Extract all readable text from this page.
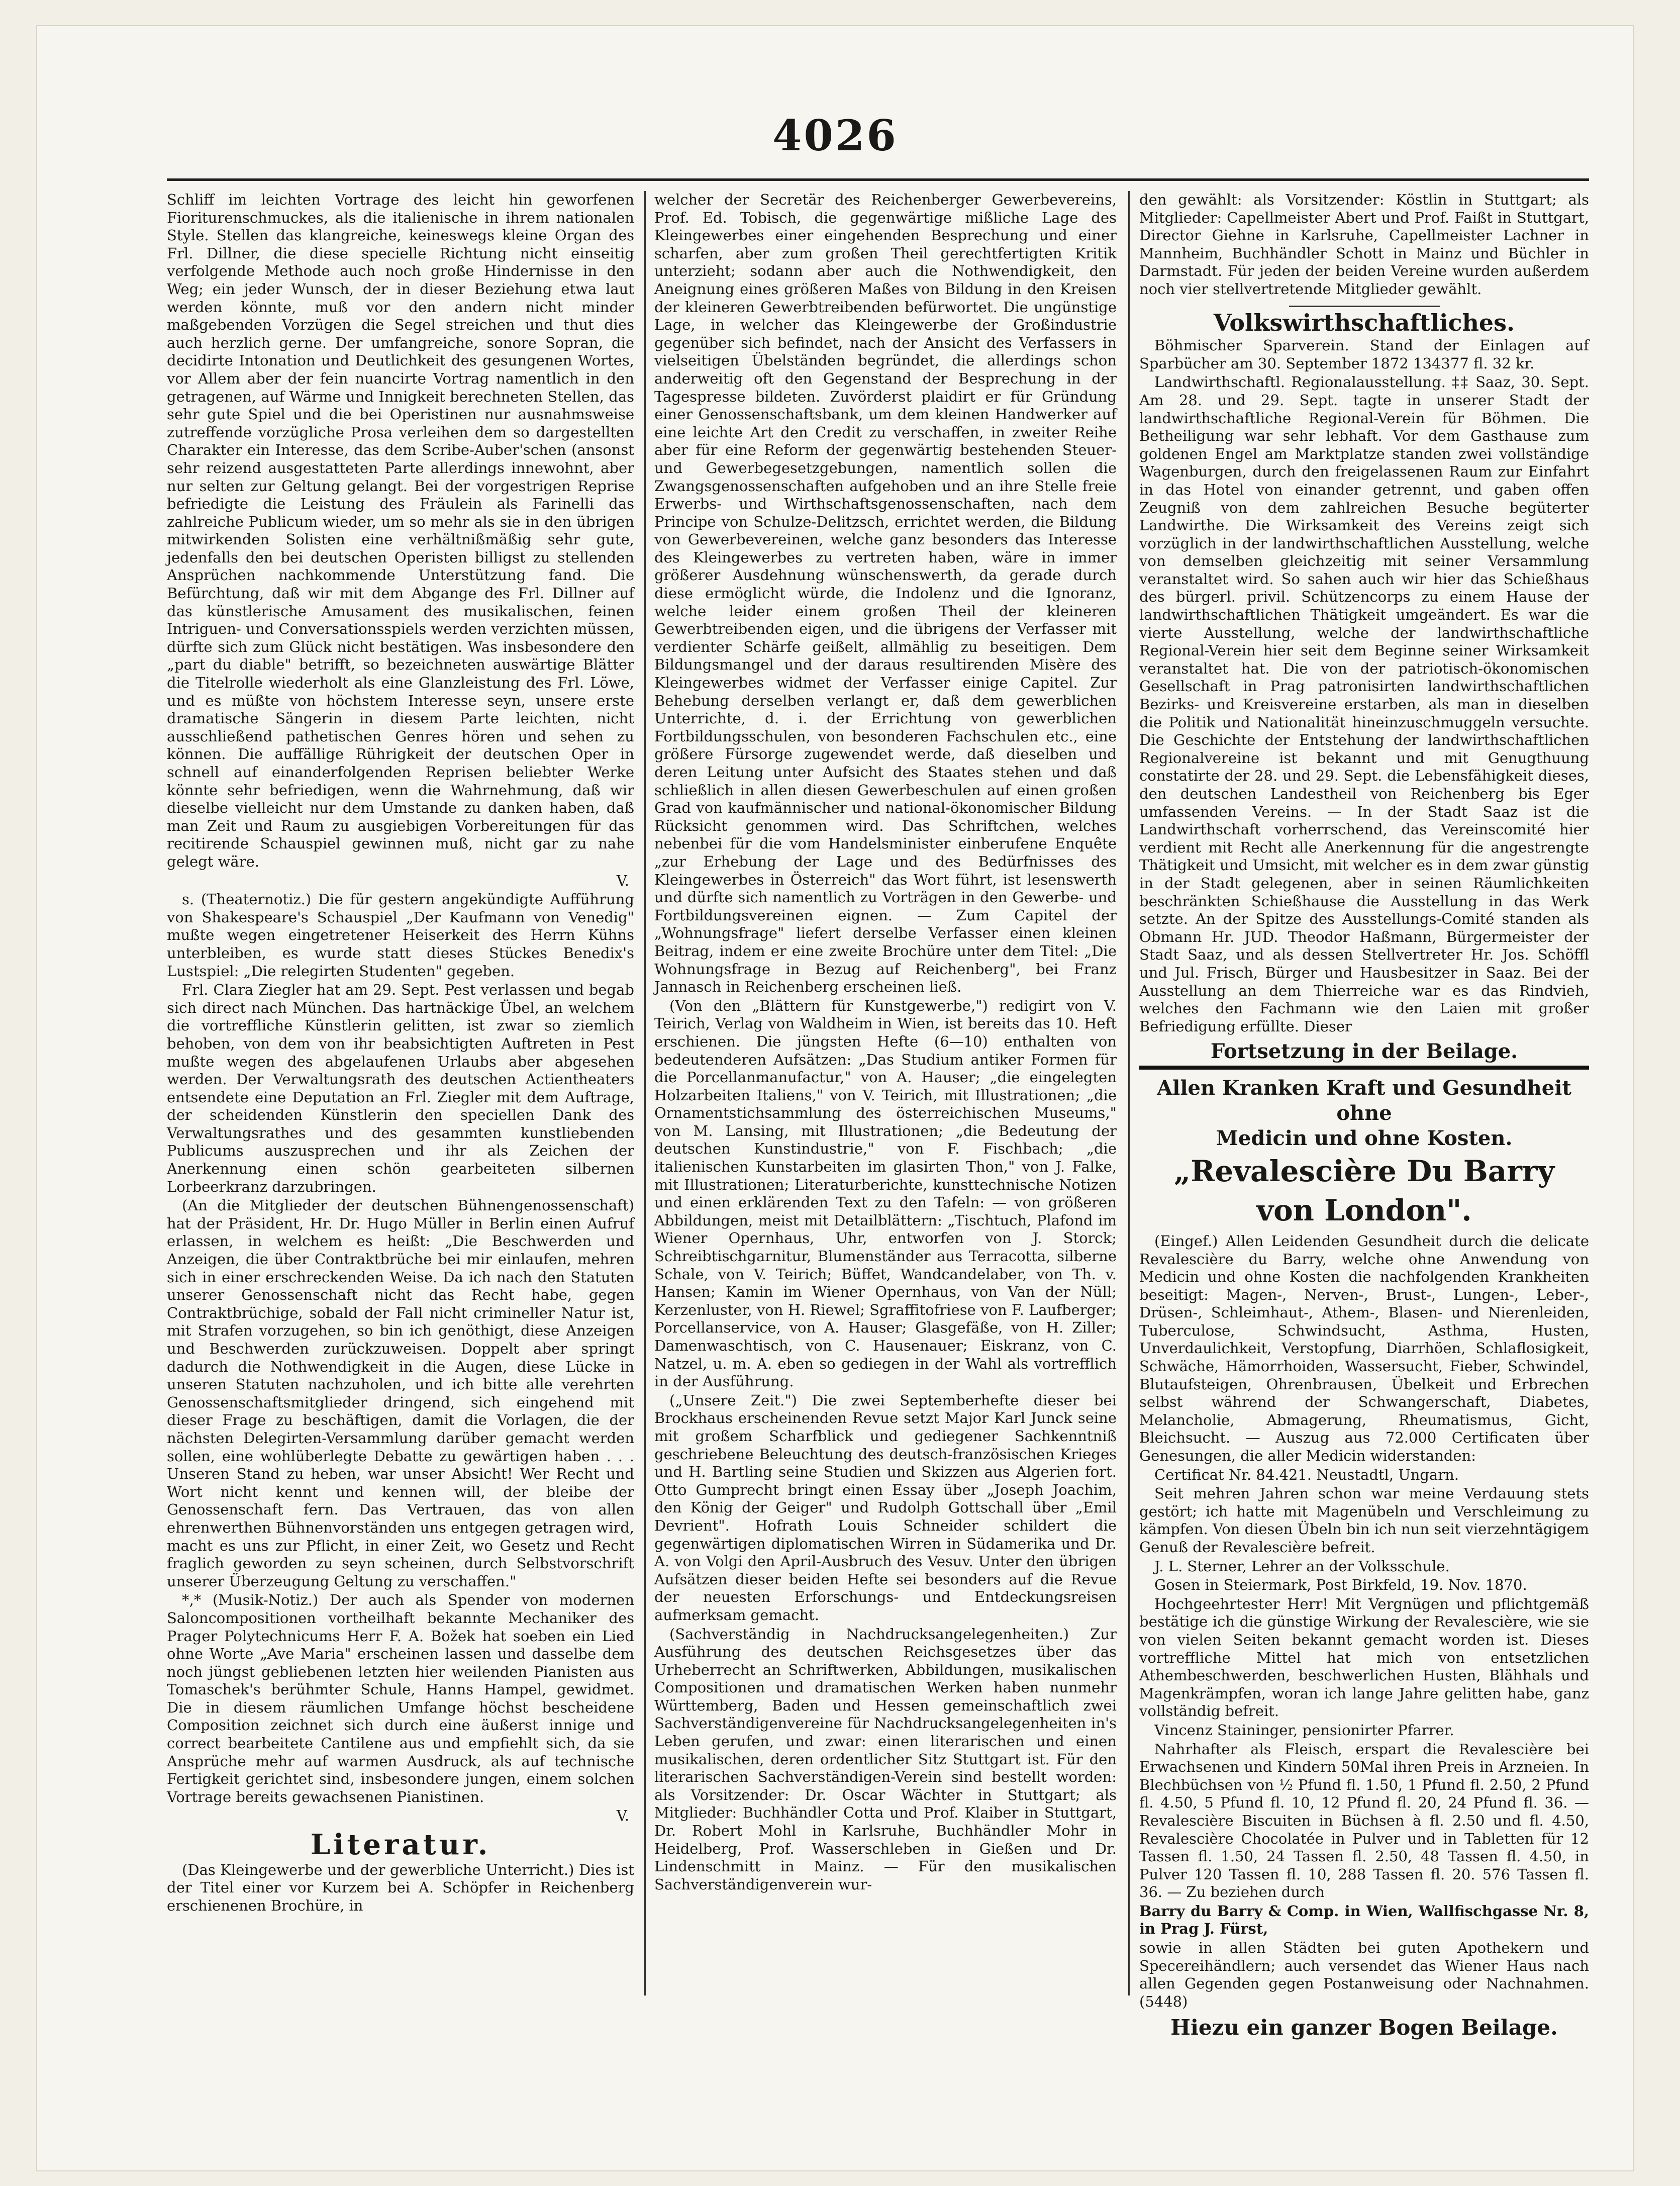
4026

Schliff im leichten Vortrage des leicht hin geworfenen Fioriturenschmuckes, als die italienische in ihrem nationalen Style. Stellen das klangreiche, keineswegs kleine Organ des Frl. Dillner, die diese specielle Richtung nicht einseitig verfolgende Methode auch noch große Hindernisse in den Weg; ein jeder Wunsch, der in dieser Beziehung etwa laut werden könnte, muß vor den andern nicht minder maßgebenden Vorzügen die Segel streichen und thut dies auch herzlich gerne. Der umfangreiche, sonore Sopran, die decidirte Intonation und Deutlichkeit des gesungenen Wortes, vor Allem aber der fein nuancirte Vortrag namentlich in den getragenen, auf Wärme und Innigkeit berechneten Stellen, das sehr gute Spiel und die bei Operistinen nur ausnahmsweise zutreffende vorzügliche Prosa verleihen dem so dargestellten Charakter ein Interesse, das dem Scribe-Auber'schen (ansonst sehr reizend ausgestatteten Parte allerdings innewohnt, aber nur selten zur Geltung gelangt. Bei der vorgestrigen Reprise befriedigte die Leistung des Fräulein als Farinelli das zahlreiche Publicum wieder, um so mehr als sie in den übrigen mitwirkenden Solisten eine verhältnißmäßig sehr gute, jedenfalls den bei deutschen Operisten billigst zu stellenden Ansprüchen nachkommende Unterstützung fand. Die Befürchtung, daß wir mit dem Abgange des Frl. Dillner auf das künstlerische Amusament des musikalischen, feinen Intriguen- und Conversationsspiels werden verzichten müssen, dürfte sich zum Glück nicht bestätigen. Was insbesondere den „part du diable" betrifft, so bezeichneten auswärtige Blätter die Titelrolle wiederholt als eine Glanzleistung des Frl. Löwe, und es müßte von höchstem Interesse seyn, unsere erste dramatische Sängerin in diesem Parte leichten, nicht ausschließend pathetischen Genres hören und sehen zu können. Die auffällige Rührigkeit der deutschen Oper in schnell auf einanderfolgenden Reprisen beliebter Werke könnte sehr befriedigen, wenn die Wahrnehmung, daß wir dieselbe vielleicht nur dem Umstande zu danken haben, daß man Zeit und Raum zu ausgiebigen Vorbereitungen für das recitirende Schauspiel gewinnen muß, nicht gar zu nahe gelegt wäre.

V.

s. (Theaternotiz.) Die für gestern angekündigte Aufführung von Shakespeare's Schauspiel „Der Kaufmann von Venedig" mußte wegen eingetretener Heiserkeit des Herrn Kühns unterbleiben, es wurde statt dieses Stückes Benedix's Lustspiel: „Die relegirten Studenten" gegeben.

Frl. Clara Ziegler hat am 29. Sept. Pest verlassen und begab sich direct nach München. Das hartnäckige Übel, an welchem die vortreffliche Künstlerin gelitten, ist zwar so ziemlich behoben, von dem von ihr beabsichtigten Auftreten in Pest mußte wegen des abgelaufenen Urlaubs aber abgesehen werden. Der Verwaltungsrath des deutschen Actientheaters entsendete eine Deputation an Frl. Ziegler mit dem Auftrage, der scheidenden Künstlerin den speciellen Dank des Verwaltungsrathes und des gesammten kunstliebenden Publicums auszusprechen und ihr als Zeichen der Anerkennung einen schön gearbeiteten silbernen Lorbeerkranz darzubringen.

(An die Mitglieder der deutschen Bühnengenossenschaft) hat der Präsident, Hr. Dr. Hugo Müller in Berlin einen Aufruf erlassen, in welchem es heißt: „Die Beschwerden und Anzeigen, die über Contraktbrüche bei mir einlaufen, mehren sich in einer erschreckenden Weise. Da ich nach den Statuten unserer Genossenschaft nicht das Recht habe, gegen Contraktbrüchige, sobald der Fall nicht crimineller Natur ist, mit Strafen vorzugehen, so bin ich genöthigt, diese Anzeigen und Beschwerden zurückzuweisen. Doppelt aber springt dadurch die Nothwendigkeit in die Augen, diese Lücke in unseren Statuten nachzuholen, und ich bitte alle verehrten Genossenschaftsmitglieder dringend, sich eingehend mit dieser Frage zu beschäftigen, damit die Vorlagen, die der nächsten Delegirten-Versammlung darüber gemacht werden sollen, eine wohlüberlegte Debatte zu gewärtigen haben . . . Unseren Stand zu heben, war unser Absicht! Wer Recht und Wort nicht kennt und kennen will, der bleibe der Genossenschaft fern. Das Vertrauen, das von allen ehrenwerthen Bühnenvorständen uns entgegen getragen wird, macht es uns zur Pflicht, in einer Zeit, wo Gesetz und Recht fraglich geworden zu seyn scheinen, durch Selbstvorschrift unserer Überzeugung Geltung zu verschaffen."

*,* (Musik-Notiz.) Der auch als Spender von modernen Saloncompositionen vortheilhaft bekannte Mechaniker des Prager Polytechnicums Herr F. A. Božek hat soeben ein Lied ohne Worte „Ave Maria" erscheinen lassen und dasselbe dem noch jüngst gebliebenen letzten hier weilenden Pianisten aus Tomaschek's berühmter Schule, Hanns Hampel, gewidmet. Die in diesem räumlichen Umfange höchst bescheidene Composition zeichnet sich durch eine äußerst innige und correct bearbeitete Cantilene aus und empfiehlt sich, da sie Ansprüche mehr auf warmen Ausdruck, als auf technische Fertigkeit gerichtet sind, insbesondere jungen, einem solchen Vortrage bereits gewachsenen Pianistinen.

V.

Literatur.

(Das Kleingewerbe und der gewerbliche Unterricht.) Dies ist der Titel einer vor Kurzem bei A. Schöpfer in Reichenberg erschienenen Brochüre, in

welcher der Secretär des Reichenberger Gewerbevereins, Prof. Ed. Tobisch, die gegenwärtige mißliche Lage des Kleingewerbes einer eingehenden Besprechung und einer scharfen, aber zum großen Theil gerechtfertigten Kritik unterzieht; sodann aber auch die Nothwendigkeit, den Aneignung eines größeren Maßes von Bildung in den Kreisen der kleineren Gewerbtreibenden befürwortet. Die ungünstige Lage, in welcher das Kleingewerbe der Großindustrie gegenüber sich befindet, nach der Ansicht des Verfassers in vielseitigen Übelständen begründet, die allerdings schon anderweitig oft den Gegenstand der Besprechung in der Tagespresse bildeten. Zuvörderst plaidirt er für Gründung einer Genossenschaftsbank, um dem kleinen Handwerker auf eine leichte Art den Credit zu verschaffen, in zweiter Reihe aber für eine Reform der gegenwärtig bestehenden Steuer- und Gewerbegesetzgebungen, namentlich sollen die Zwangsgenossenschaften aufgehoben und an ihre Stelle freie Erwerbs- und Wirthschaftsgenossenschaften, nach dem Principe von Schulze-Delitzsch, errichtet werden, die Bildung von Gewerbevereinen, welche ganz besonders das Interesse des Kleingewerbes zu vertreten haben, wäre in immer größerer Ausdehnung wünschenswerth, da gerade durch diese ermöglicht würde, die Indolenz und die Ignoranz, welche leider einem großen Theil der kleineren Gewerbtreibenden eigen, und die übrigens der Verfasser mit verdienter Schärfe geißelt, allmählig zu beseitigen. Dem Bildungsmangel und der daraus resultirenden Misère des Kleingewerbes widmet der Verfasser einige Capitel. Zur Behebung derselben verlangt er, daß dem gewerblichen Unterrichte, d. i. der Errichtung von gewerblichen Fortbildungsschulen, von besonderen Fachschulen etc., eine größere Fürsorge zugewendet werde, daß dieselben und deren Leitung unter Aufsicht des Staates stehen und daß schließlich in allen diesen Gewerbeschulen auf einen großen Grad von kaufmännischer und national-ökonomischer Bildung Rücksicht genommen wird. Das Schriftchen, welches nebenbei für die vom Handelsminister einberufene Enquête „zur Erhebung der Lage und des Bedürfnisses des Kleingewerbes in Österreich" das Wort führt, ist lesenswerth und dürfte sich namentlich zu Vorträgen in den Gewerbe- und Fortbildungsvereinen eignen. — Zum Capitel der „Wohnungsfrage" liefert derselbe Verfasser einen kleinen Beitrag, indem er eine zweite Brochüre unter dem Titel: „Die Wohnungsfrage in Bezug auf Reichenberg", bei Franz Jannasch in Reichenberg erscheinen ließ.

(Von den „Blättern für Kunstgewerbe,") redigirt von V. Teirich, Verlag von Waldheim in Wien, ist bereits das 10. Heft erschienen. Die jüngsten Hefte (6—10) enthalten von bedeutenderen Aufsätzen: „Das Studium antiker Formen für die Porcellanmanufactur," von A. Hauser; „die eingelegten Holzarbeiten Italiens," von V. Teirich, mit Illustrationen; „die Ornamentstichsammlung des österreichischen Museums," von M. Lansing, mit Illustrationen; „die Bedeutung der deutschen Kunstindustrie," von F. Fischbach; „die italienischen Kunstarbeiten im glasirten Thon," von J. Falke, mit Illustrationen; Literaturberichte, kunsttechnische Notizen und einen erklärenden Text zu den Tafeln: — von größeren Abbildungen, meist mit Detailblättern: „Tischtuch, Plafond im Wiener Opernhaus, Uhr, entworfen von J. Storck; Schreibtischgarnitur, Blumenständer aus Terracotta, silberne Schale, von V. Teirich; Büffet, Wandcandelaber, von Th. v. Hansen; Kamin im Wiener Opernhaus, von Van der Nüll; Kerzenluster, von H. Riewel; Sgraffitofriese von F. Laufberger; Porcellanservice, von A. Hauser; Glasgefäße, von H. Ziller; Damenwaschtisch, von C. Hausenauer; Eiskranz, von C. Natzel, u. m. A. eben so gediegen in der Wahl als vortrefflich in der Ausführung.

(„Unsere Zeit.") Die zwei Septemberhefte dieser bei Brockhaus erscheinenden Revue setzt Major Karl Junck seine mit großem Scharfblick und gediegener Sachkenntniß geschriebene Beleuchtung des deutsch-französischen Krieges und H. Bartling seine Studien und Skizzen aus Algerien fort. Otto Gumprecht bringt einen Essay über „Joseph Joachim, den König der Geiger" und Rudolph Gottschall über „Emil Devrient". Hofrath Louis Schneider schildert die gegenwärtigen diplomatischen Wirren in Südamerika und Dr. A. von Volgi den April-Ausbruch des Vesuv. Unter den übrigen Aufsätzen dieser beiden Hefte sei besonders auf die Revue der neuesten Erforschungs- und Entdeckungsreisen aufmerksam gemacht.

(Sachverständig in Nachdrucksangelegenheiten.) Zur Ausführung des deutschen Reichsgesetzes über das Urheberrecht an Schriftwerken, Abbildungen, musikalischen Compositionen und dramatischen Werken haben nunmehr Württemberg, Baden und Hessen gemeinschaftlich zwei Sachverständigenvereine für Nachdrucksangelegenheiten in's Leben gerufen, und zwar: einen literarischen und einen musikalischen, deren ordentlicher Sitz Stuttgart ist. Für den literarischen Sachverständigen-Verein sind bestellt worden: als Vorsitzender: Dr. Oscar Wächter in Stuttgart; als Mitglieder: Buchhändler Cotta und Prof. Klaiber in Stuttgart, Dr. Robert Mohl in Karlsruhe, Buchhändler Mohr in Heidelberg, Prof. Wasserschleben in Gießen und Dr. Lindenschmitt in Mainz. — Für den musikalischen Sachverständigenverein wur-

den gewählt: als Vorsitzender: Köstlin in Stuttgart; als Mitglieder: Capellmeister Abert und Prof. Faißt in Stuttgart, Director Giehne in Karlsruhe, Capellmeister Lachner in Mannheim, Buchhändler Schott in Mainz und Büchler in Darmstadt. Für jeden der beiden Vereine wurden außerdem noch vier stellvertretende Mitglieder gewählt.

Volkswirthschaftliches.

Böhmischer Sparverein. Stand der Einlagen auf Sparbücher am 30. September 1872 134377 fl. 32 kr.

Landwirthschaftl. Regionalausstellung. ‡‡ Saaz, 30. Sept. Am 28. und 29. Sept. tagte in unserer Stadt der landwirthschaftliche Regional-Verein für Böhmen. Die Betheiligung war sehr lebhaft. Vor dem Gasthause zum goldenen Engel am Marktplatze standen zwei vollständige Wagenburgen, durch den freigelassenen Raum zur Einfahrt in das Hotel von einander getrennt, und gaben offen Zeugniß von dem zahlreichen Besuche begüterter Landwirthe. Die Wirksamkeit des Vereins zeigt sich vorzüglich in der landwirthschaftlichen Ausstellung, welche von demselben gleichzeitig mit seiner Versammlung veranstaltet wird. So sahen auch wir hier das Schießhaus des bürgerl. privil. Schützencorps zu einem Hause der landwirthschaftlichen Thätigkeit umgeändert. Es war die vierte Ausstellung, welche der landwirthschaftliche Regional-Verein hier seit dem Beginne seiner Wirksamkeit veranstaltet hat. Die von der patriotisch-ökonomischen Gesellschaft in Prag patronisirten landwirthschaftlichen Bezirks- und Kreisvereine erstarben, als man in dieselben die Politik und Nationalität hineinzuschmuggeln versuchte. Die Geschichte der Entstehung der landwirthschaftlichen Regionalvereine ist bekannt und mit Genugthuung constatirte der 28. und 29. Sept. die Lebensfähigkeit dieses, den deutschen Landestheil von Reichenberg bis Eger umfassenden Vereins. — In der Stadt Saaz ist die Landwirthschaft vorherrschend, das Vereinscomité hier verdient mit Recht alle Anerkennung für die angestrengte Thätigkeit und Umsicht, mit welcher es in dem zwar günstig in der Stadt gelegenen, aber in seinen Räumlichkeiten beschränkten Schießhause die Ausstellung in das Werk setzte. An der Spitze des Ausstellungs-Comité standen als Obmann Hr. JUD. Theodor Haßmann, Bürgermeister der Stadt Saaz, und als dessen Stellvertreter Hr. Jos. Schöffl und Jul. Frisch, Bürger und Hausbesitzer in Saaz. Bei der Ausstellung an dem Thierreiche war es das Rindvieh, welches den Fachmann wie den Laien mit großer Befriedigung erfüllte. Dieser

Fortsetzung in der Beilage.
Allen Kranken Kraft und Gesundheit ohne
Medicin und ohne Kosten.
„Revalescière Du Barry
von London".

(Eingef.) Allen Leidenden Gesundheit durch die delicate Revalescière du Barry, welche ohne Anwendung von Medicin und ohne Kosten die nachfolgenden Krankheiten beseitigt: Magen-, Nerven-, Brust-, Lungen-, Leber-, Drüsen-, Schleimhaut-, Athem-, Blasen- und Nierenleiden, Tuberculose, Schwindsucht, Asthma, Husten, Unverdaulichkeit, Verstopfung, Diarrhöen, Schlaflosigkeit, Schwäche, Hämorrhoiden, Wassersucht, Fieber, Schwindel, Blutaufsteigen, Ohrenbrausen, Übelkeit und Erbrechen selbst während der Schwangerschaft, Diabetes, Melancholie, Abmagerung, Rheumatismus, Gicht, Bleichsucht. — Auszug aus 72.000 Certificaten über Genesungen, die aller Medicin widerstanden:

Certificat Nr. 84.421. Neustadtl, Ungarn.

Seit mehren Jahren schon war meine Verdauung stets gestört; ich hatte mit Magenübeln und Verschleimung zu kämpfen. Von diesen Übeln bin ich nun seit vierzehntägigem Genuß der Revalescière befreit.

J. L. Sterner, Lehrer an der Volksschule.

Gosen in Steiermark, Post Birkfeld, 19. Nov. 1870.

Hochgeehrtester Herr! Mit Vergnügen und pflichtgemäß bestätige ich die günstige Wirkung der Revalescière, wie sie von vielen Seiten bekannt gemacht worden ist. Dieses vortreffliche Mittel hat mich von entsetzlichen Athembeschwerden, beschwerlichen Husten, Blähhals und Magenkrämpfen, woran ich lange Jahre gelitten habe, ganz vollständig befreit.

Vincenz Staininger, pensionirter Pfarrer.

Nahrhafter als Fleisch, erspart die Revalescière bei Erwachsenen und Kindern 50Mal ihren Preis in Arzneien. In Blechbüchsen von ½ Pfund fl. 1.50, 1 Pfund fl. 2.50, 2 Pfund fl. 4.50, 5 Pfund fl. 10, 12 Pfund fl. 20, 24 Pfund fl. 36. — Revalescière Biscuiten in Büchsen à fl. 2.50 und fl. 4.50, Revalescière Chocolatée in Pulver und in Tabletten für 12 Tassen fl. 1.50, 24 Tassen fl. 2.50, 48 Tassen fl. 4.50, in Pulver 120 Tassen fl. 10, 288 Tassen fl. 20. 576 Tassen fl. 36. — Zu beziehen durch

Barry du Barry & Comp. in Wien, Wallfischgasse Nr. 8, in Prag J. Fürst,

sowie in allen Städten bei guten Apothekern und Specereihändlern; auch versendet das Wiener Haus nach allen Gegenden gegen Postanweisung oder Nachnahmen. (5448)

Hiezu ein ganzer Bogen Beilage.
